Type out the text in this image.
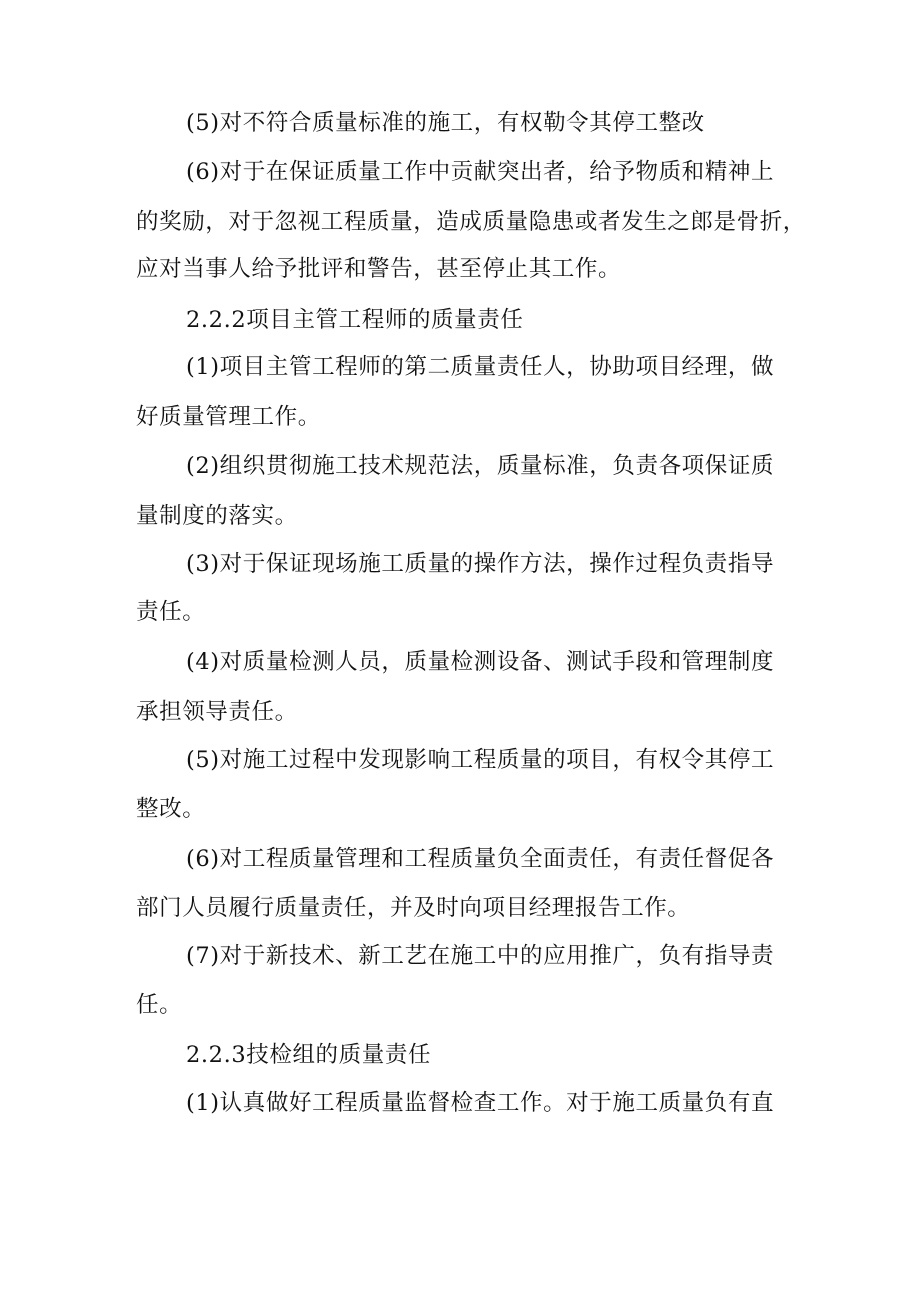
(5)对不符合质量标准的施工，有权勒令其停工整改
(6)对于在保证质量工作中贡献突出者，给予物质和精神上
的奖励，对于忽视工程质量，造成质量隐患或者发生之郎是骨折，
应对当事人给予批评和警告，甚至停止其工作。
2.2.2项目主管工程师的质量责任
(1)项目主管工程师的第二质量责任人，协助项目经理，做
好质量管理工作。
(2)组织贯彻施工技术规范法，质量标准，负责各项保证质
量制度的落实。
(3)对于保证现场施工质量的操作方法，操作过程负责指导
责任。
(4)对质量检测人员，质量检测设备、测试手段和管理制度
承担领导责任。
(5)对施工过程中发现影响工程质量的项目，有权令其停工
整改。
(6)对工程质量管理和工程质量负全面责任，有责任督促各
部门人员履行质量责任，并及时向项目经理报告工作。
(7)对于新技术、新工艺在施工中的应用推广，负有指导责
任。
2.2.3技检组的质量责任
(1)认真做好工程质量监督检查工作。对于施工质量负有直
